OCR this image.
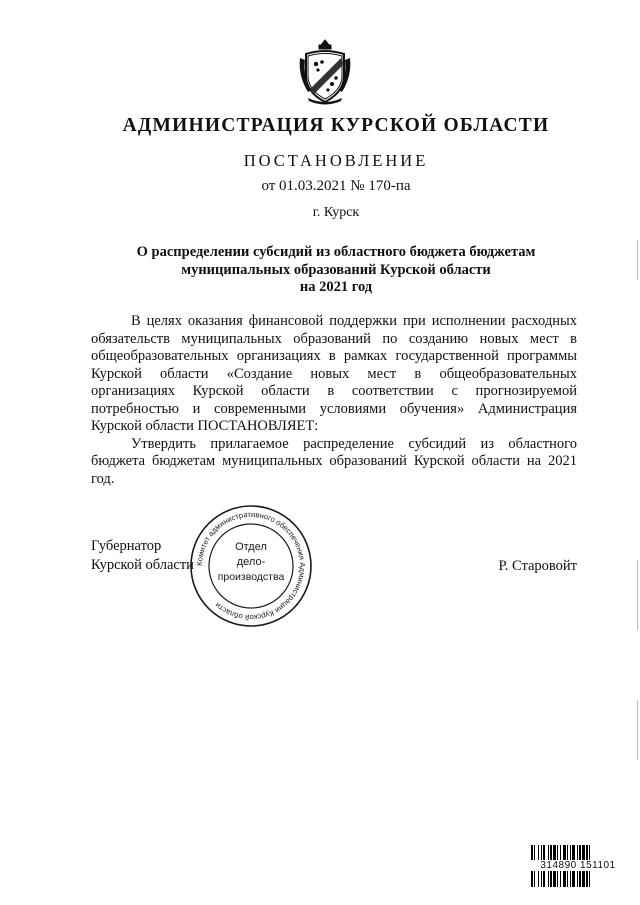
АДМИНИСТРАЦИЯ КУРСКОЙ ОБЛАСТИ
ПОСТАНОВЛЕНИЕ
от 01.03.2021 № 170-па
г. Курск
О распределении субсидий из областного бюджета бюджетам
муниципальных образований Курской области
на 2021 год

В целях оказания финансовой поддержки при исполнении расходных обязательств муниципальных образований по созданию новых мест в общеобразовательных организациях в рамках государственной программы Курской области «Создание новых мест в общеобразовательных организациях Курской области в соответствии с прогнозируемой потребностью и современными условиями обучения» Администрация Курской области ПОСТАНОВЛЯЕТ:

Утвердить прилагаемое распределение субсидий из областного бюджета бюджетам муниципальных образований Курской области на 2021 год.

Губернатор
Курской области	Р. Старовойт
Комитет административного обеспечения Администрации Курской области
Отдел
дело-
производства
314890 151101
